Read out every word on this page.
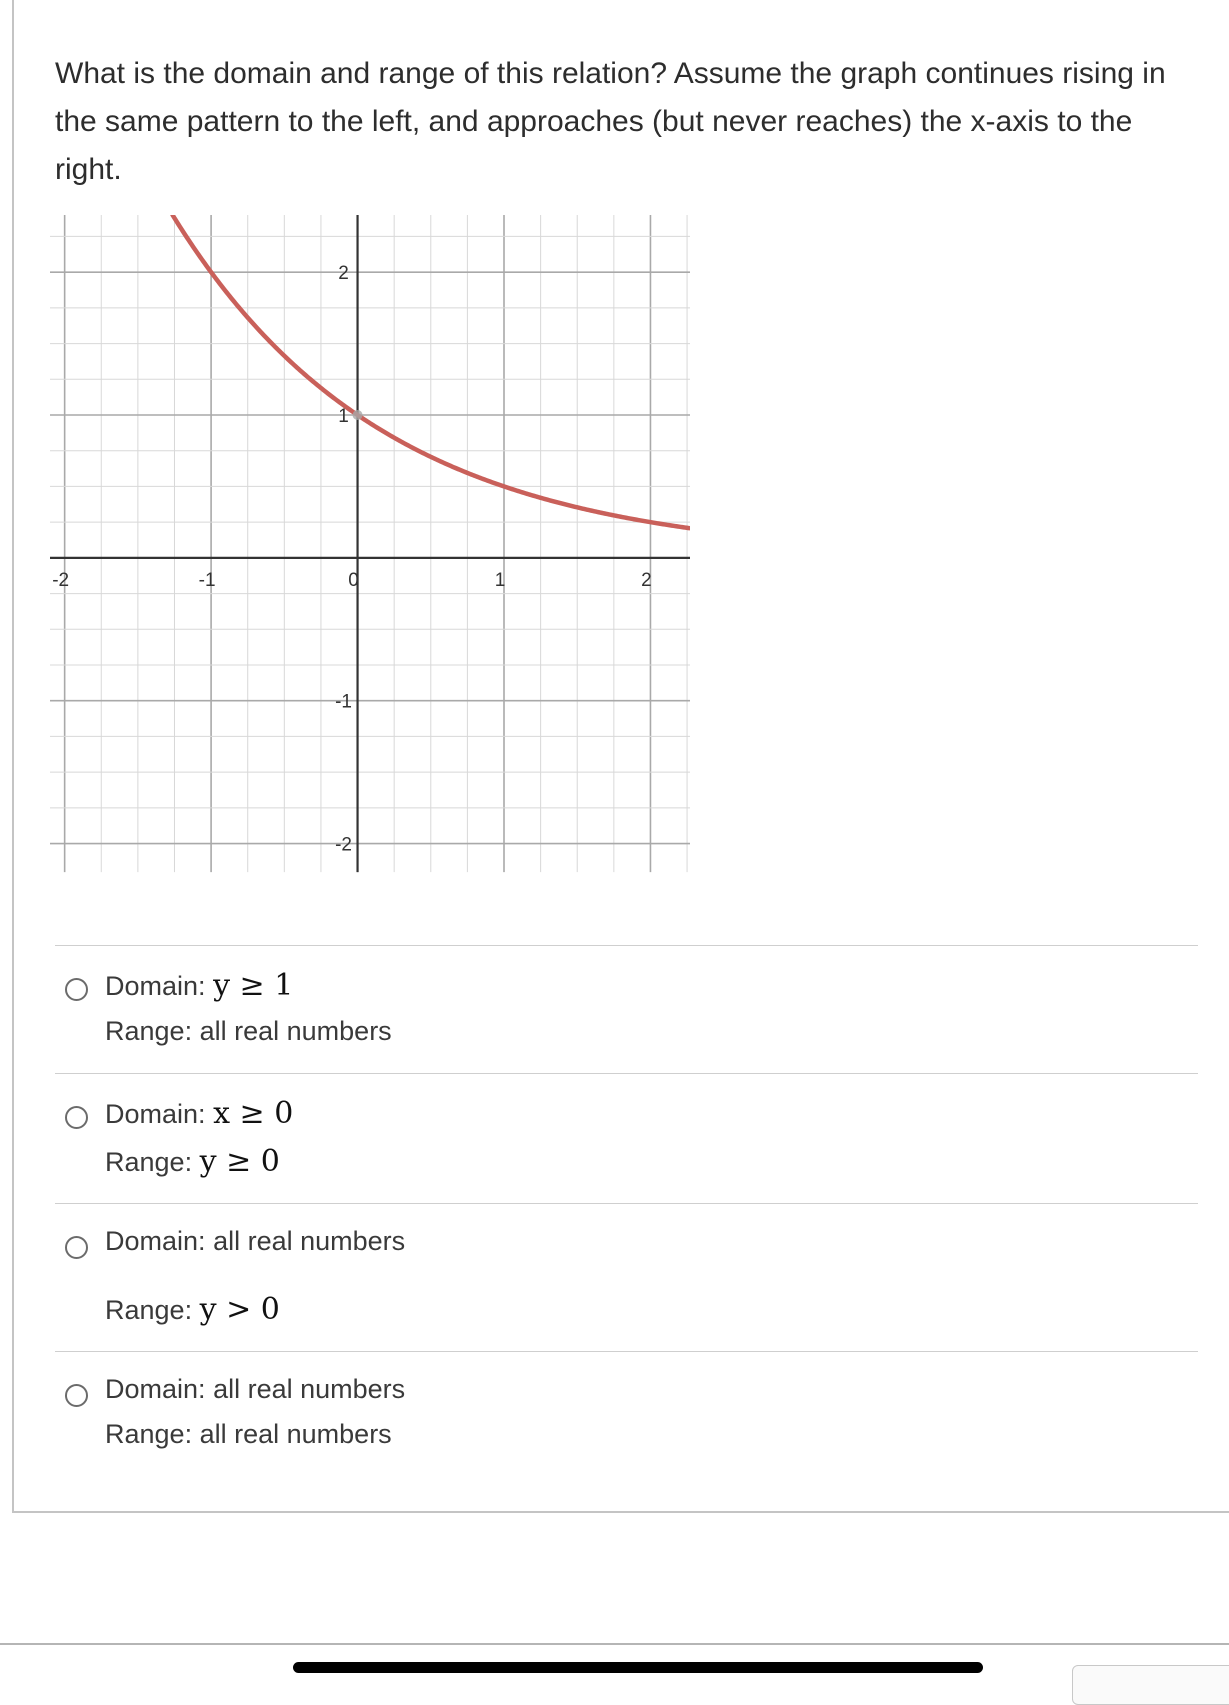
What is the domain and range of this relation? Assume the graph continues rising in the same pattern to the left, and approaches (but never reaches) the x-axis to the right.
-2	-1	0	1	2
2
1
-1
-2
Domain: y ≥ 1
Range: all real numbers
Domain: x ≥ 0
Range: y ≥ 0
Domain: all real numbers
Range: y > 0
Domain: all real numbers
Range: all real numbers
